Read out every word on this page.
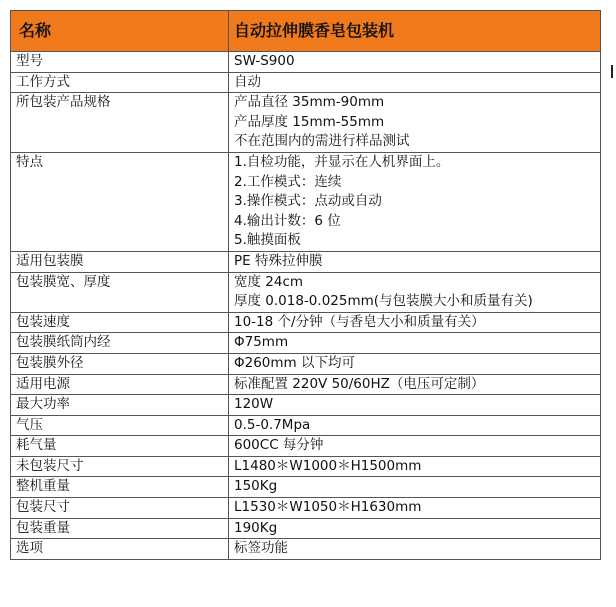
名称	自动拉伸膜香皂包装机
型号	SW-S900

工作方式	自动

所包装产品规格	产品直径 35mm-90mm
产品厚度 15mm-55mm
不在范围内的需进行样品测试

特点	1.自检功能，并显示在人机界面上。
2.工作模式：连续
3.操作模式：点动或自动
4.输出计数：6 位
5.触摸面板

适用包装膜	PE 特殊拉伸膜

包装膜宽、厚度	宽度 24cm
厚度 0.018-0.025mm(与包装膜大小和质量有关)

包装速度	10-18 个/分钟（与香皂大小和质量有关）

包装膜纸筒内经	Φ75mm

包装膜外径	Φ260mm 以下均可

适用电源	标准配置 220V 50/60HZ（电压可定制）

最大功率	120W

气压	0.5-0.7Mpa

耗气量	600CC 每分钟

未包装尺寸	L1480＊W1000＊H1500mm

整机重量	150Kg

包装尺寸	L1530＊W1050＊H1630mm

包装重量	190Kg

选项	标签功能
